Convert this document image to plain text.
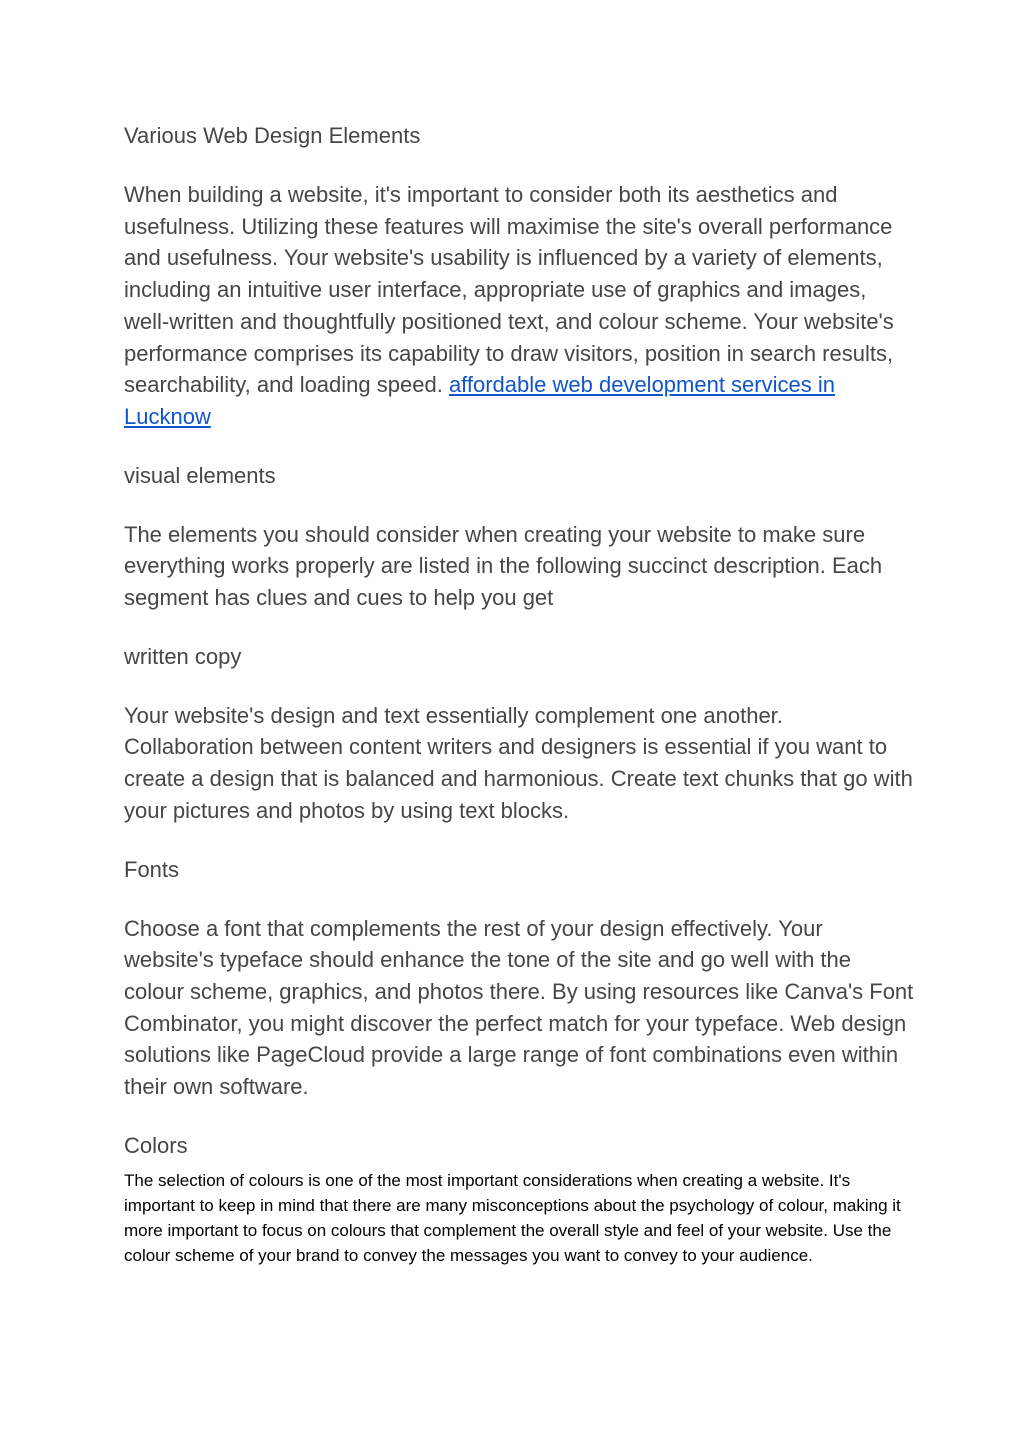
Various Web Design Elements

When building a website, it's important to consider both its aesthetics and usefulness. Utilizing these features will maximise the site's overall performance and usefulness. Your website's usability is influenced by a variety of elements, including an intuitive user interface, appropriate use of graphics and images, well-written and thoughtfully positioned text, and colour scheme. Your website's performance comprises its capability to draw visitors, position in search results, searchability, and loading speed. affordable web development services in Lucknow

visual elements

The elements you should consider when creating your website to make sure everything works properly are listed in the following succinct description. Each segment has clues and cues to help you get

written copy

Your website's design and text essentially complement one another. Collaboration between content writers and designers is essential if you want to create a design that is balanced and harmonious. Create text chunks that go with your pictures and photos by using text blocks.

Fonts

Choose a font that complements the rest of your design effectively. Your website's typeface should enhance the tone of the site and go well with the colour scheme, graphics, and photos there. By using resources like Canva's Font Combinator, you might discover the perfect match for your typeface. Web design solutions like PageCloud provide a large range of font combinations even within their own software.

Colors

The selection of colours is one of the most important considerations when creating a website. It's important to keep in mind that there are many misconceptions about the psychology of colour, making it more important to focus on colours that complement the overall style and feel of your website. Use the colour scheme of your brand to convey the messages you want to convey to your audience.
